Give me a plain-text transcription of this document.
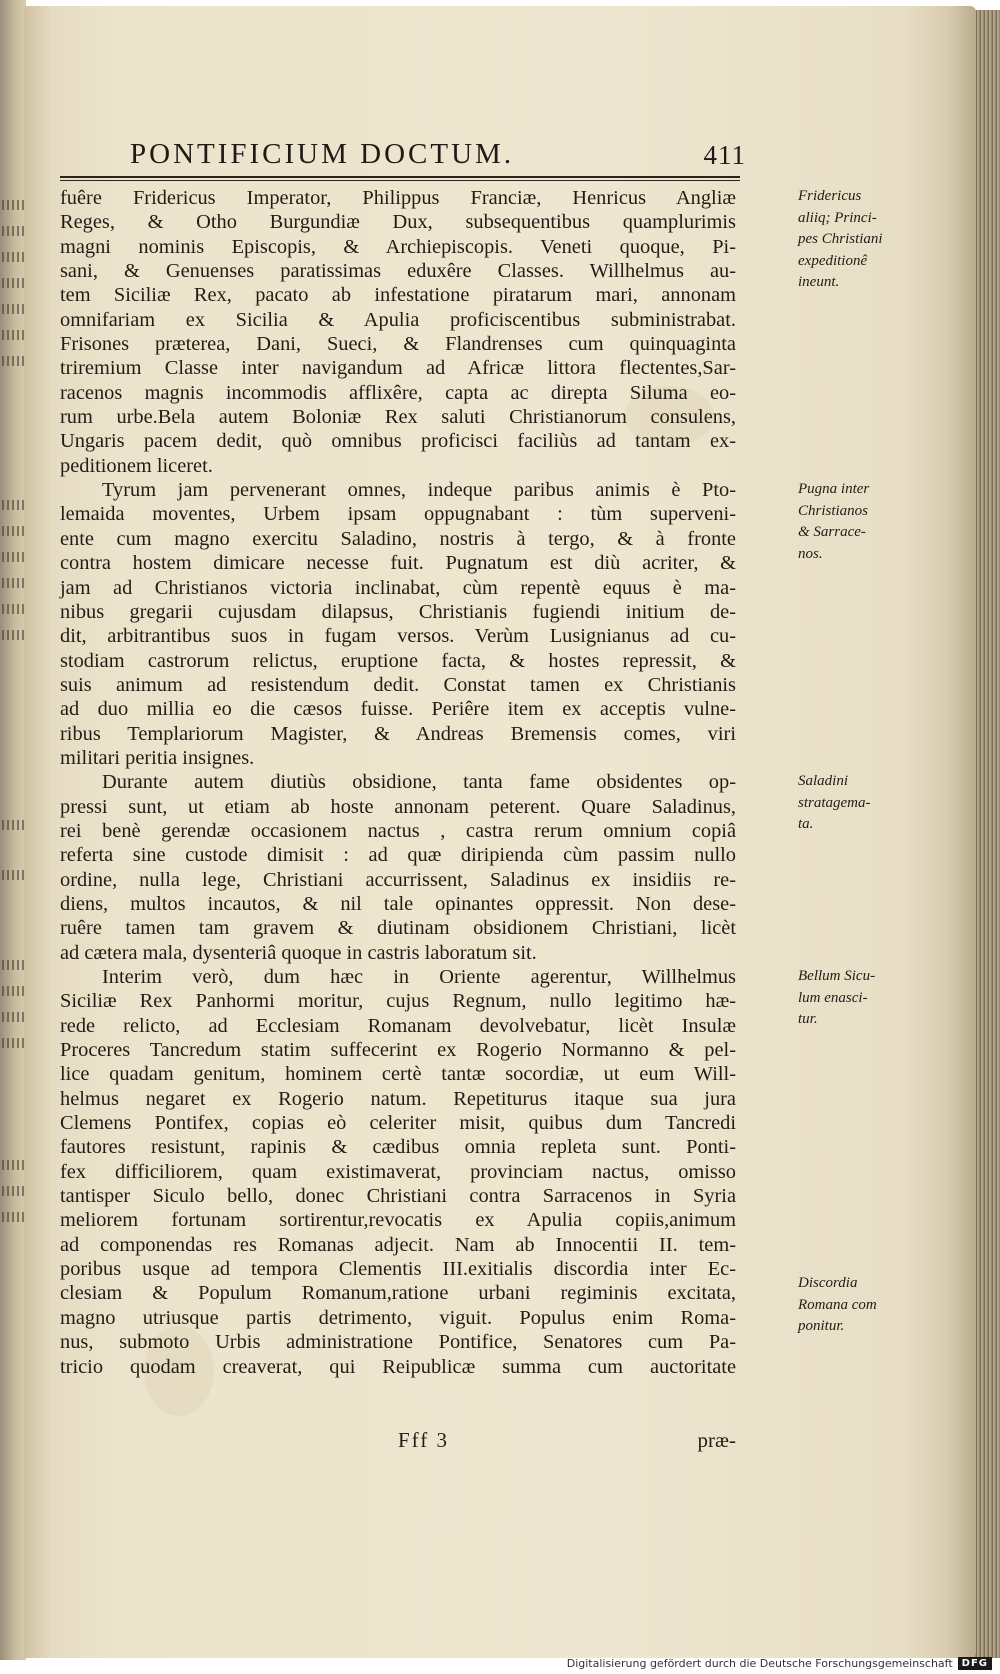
PONTIFICIUM DOCTUM.	411
fuêre Fridericus Imperator, Philippus Franciæ, Henricus Angliæ
Reges, & Otho Burgundiæ Dux, subsequentibus quamplurimis
magni nominis Episcopis, & Archiepiscopis. Veneti quoque, Pi-
sani, & Genuenses paratissimas eduxêre Classes. Willhelmus au-
tem Siciliæ Rex, pacato ab infestatione piratarum mari, annonam
omnifariam ex Sicilia & Apulia proficiscentibus subministrabat.
Frisones præterea, Dani, Sueci, & Flandrenses cum quinquaginta
triremium Classe inter navigandum ad Africæ littora flectentes,Sar-
racenos magnis incommodis afflixêre, capta ac direpta Siluma eo-
rum urbe.Bela autem Boloniæ Rex saluti Christianorum consulens,
Ungaris pacem dedit, quò omnibus proficisci faciliùs ad tantam ex-
peditionem liceret.
Tyrum jam pervenerant omnes, indeque paribus animis è Pto-
lemaida moventes, Urbem ipsam oppugnabant : tùm superveni-
ente cum magno exercitu Saladino, nostris à tergo, & à fronte
contra hostem dimicare necesse fuit. Pugnatum est diù acriter, &
jam ad Christianos victoria inclinabat, cùm repentè equus è ma-
nibus gregarii cujusdam dilapsus, Christianis fugiendi initium de-
dit, arbitrantibus suos in fugam versos. Verùm Lusignianus ad cu-
stodiam castrorum relictus, eruptione facta, & hostes repressit, &
suis animum ad resistendum dedit. Constat tamen ex Christianis
ad duo millia eo die cæsos fuisse. Periêre item ex acceptis vulne-
ribus Templariorum Magister, & Andreas Bremensis comes, viri
militari peritia insignes.
Durante autem diutiùs obsidione, tanta fame obsidentes op-
pressi sunt, ut etiam ab hoste annonam peterent. Quare Saladinus,
rei benè gerendæ occasionem nactus , castra rerum omnium copiâ
referta sine custode dimisit : ad quæ diripienda cùm passim nullo
ordine, nulla lege, Christiani accurrissent, Saladinus ex insidiis re-
diens, multos incautos, & nil tale opinantes oppressit. Non dese-
ruêre tamen tam gravem & diutinam obsidionem Christiani, licèt
ad cætera mala, dysenteriâ quoque in castris laboratum sit.
Interim verò, dum hæc in Oriente agerentur, Willhelmus
Siciliæ Rex Panhormi moritur, cujus Regnum, nullo legitimo hæ-
rede relicto, ad Ecclesiam Romanam devolvebatur, licèt Insulæ
Proceres Tancredum statim suffecerint ex Rogerio Normanno & pel-
lice quadam genitum, hominem certè tantæ socordiæ, ut eum Will-
helmus negaret ex Rogerio natum. Repetiturus itaque sua jura
Clemens Pontifex, copias eò celeriter misit, quibus dum Tancredi
fautores resistunt, rapinis & cædibus omnia repleta sunt. Ponti-
fex difficiliorem, quam existimaverat, provinciam nactus, omisso
tantisper Siculo bello, donec Christiani contra Sarracenos in Syria
meliorem fortunam sortirentur,revocatis ex Apulia copiis,animum
ad componendas res Romanas adjecit. Nam ab Innocentii II. tem-
poribus usque ad tempora Clementis III.exitialis discordia inter Ec-
clesiam & Populum Romanum,ratione urbani regiminis excitata,
magno utriusque partis detrimento, viguit. Populus enim Roma-
nus, submoto Urbis administratione Pontifice, Senatores cum Pa-
tricio quodam creaverat, qui Reipublicæ summa cum auctoritate
Fridericus
aliiq; Princi-
pes Christiani
expeditionê
ineunt.
Pugna inter
Christianos
& Sarrace-
nos.
Saladini
stratagema-
ta.
Bellum Sicu-
lum enasci-
tur.
Discordia
Romana com
ponitur.
Fff 3	præ-
Digitalisierung gefördert durch die Deutsche Forschungsgemeinschaft DFG
